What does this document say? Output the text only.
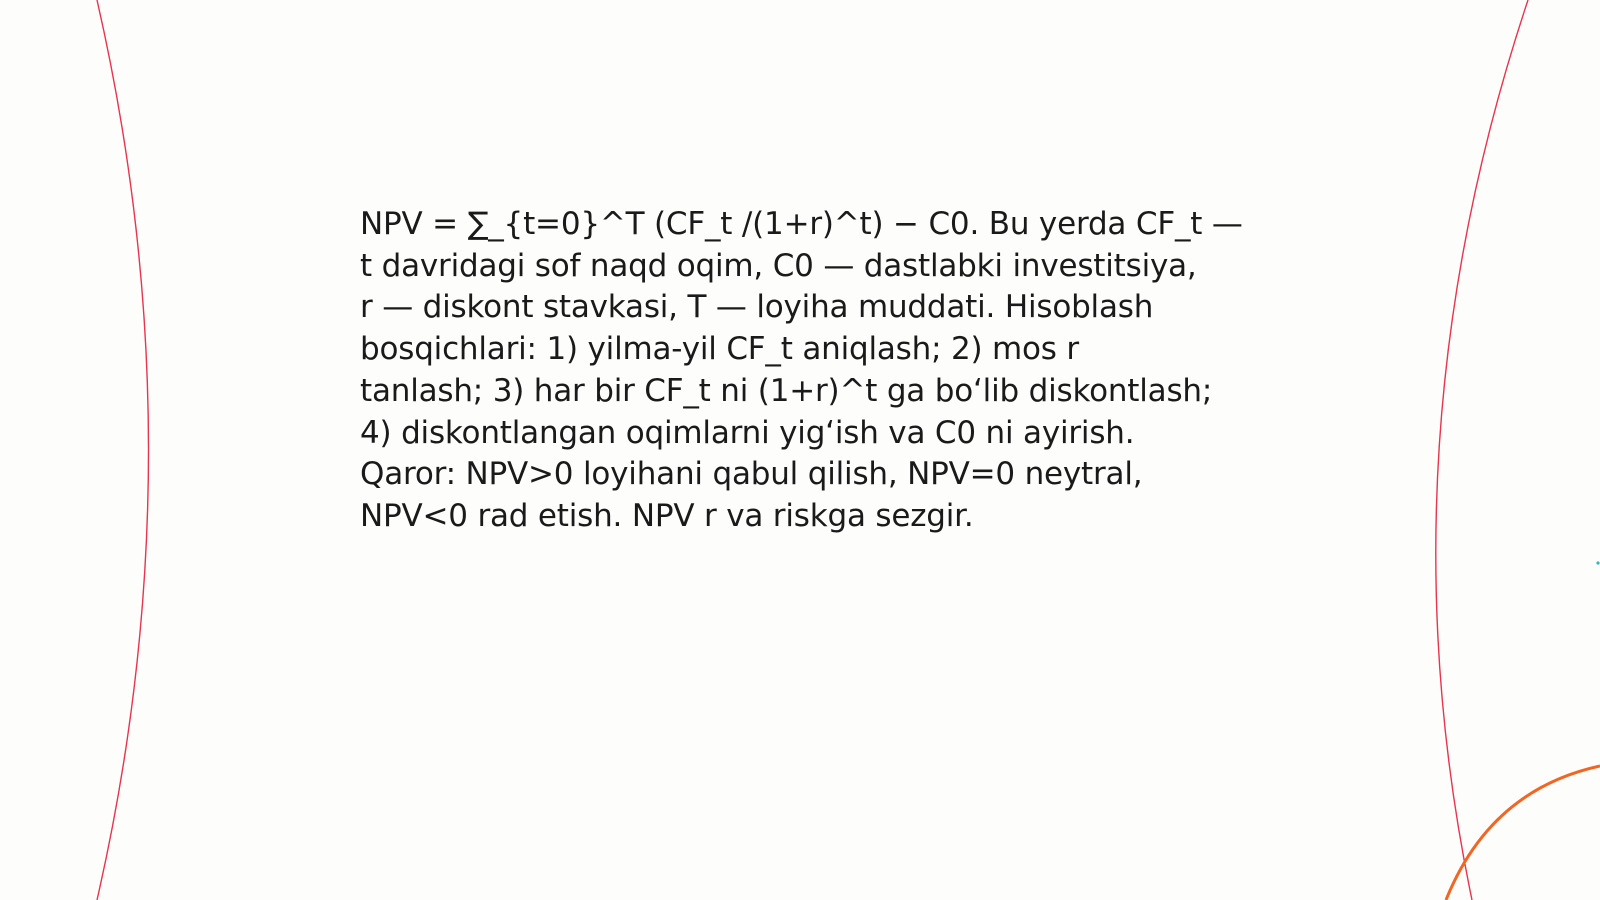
NPV = ∑_{t=0}^T (CF_t /(1+r)^t) − C0. Bu yerda CF_t —
t davridagi sof naqd oqim, C0 — dastlabki investitsiya,
r — diskont stavkasi, T — loyiha muddati. Hisoblash
bosqichlari: 1) yilma-yil CF_t aniqlash; 2) mos r
tanlash; 3) har bir CF_t ni (1+r)^t ga boʻlib diskontlash;
4) diskontlangan oqimlarni yigʻish va C0 ni ayirish.
Qaror: NPV>0 loyihani qabul qilish, NPV=0 neytral,
NPV<0 rad etish. NPV r va riskga sezgir.
